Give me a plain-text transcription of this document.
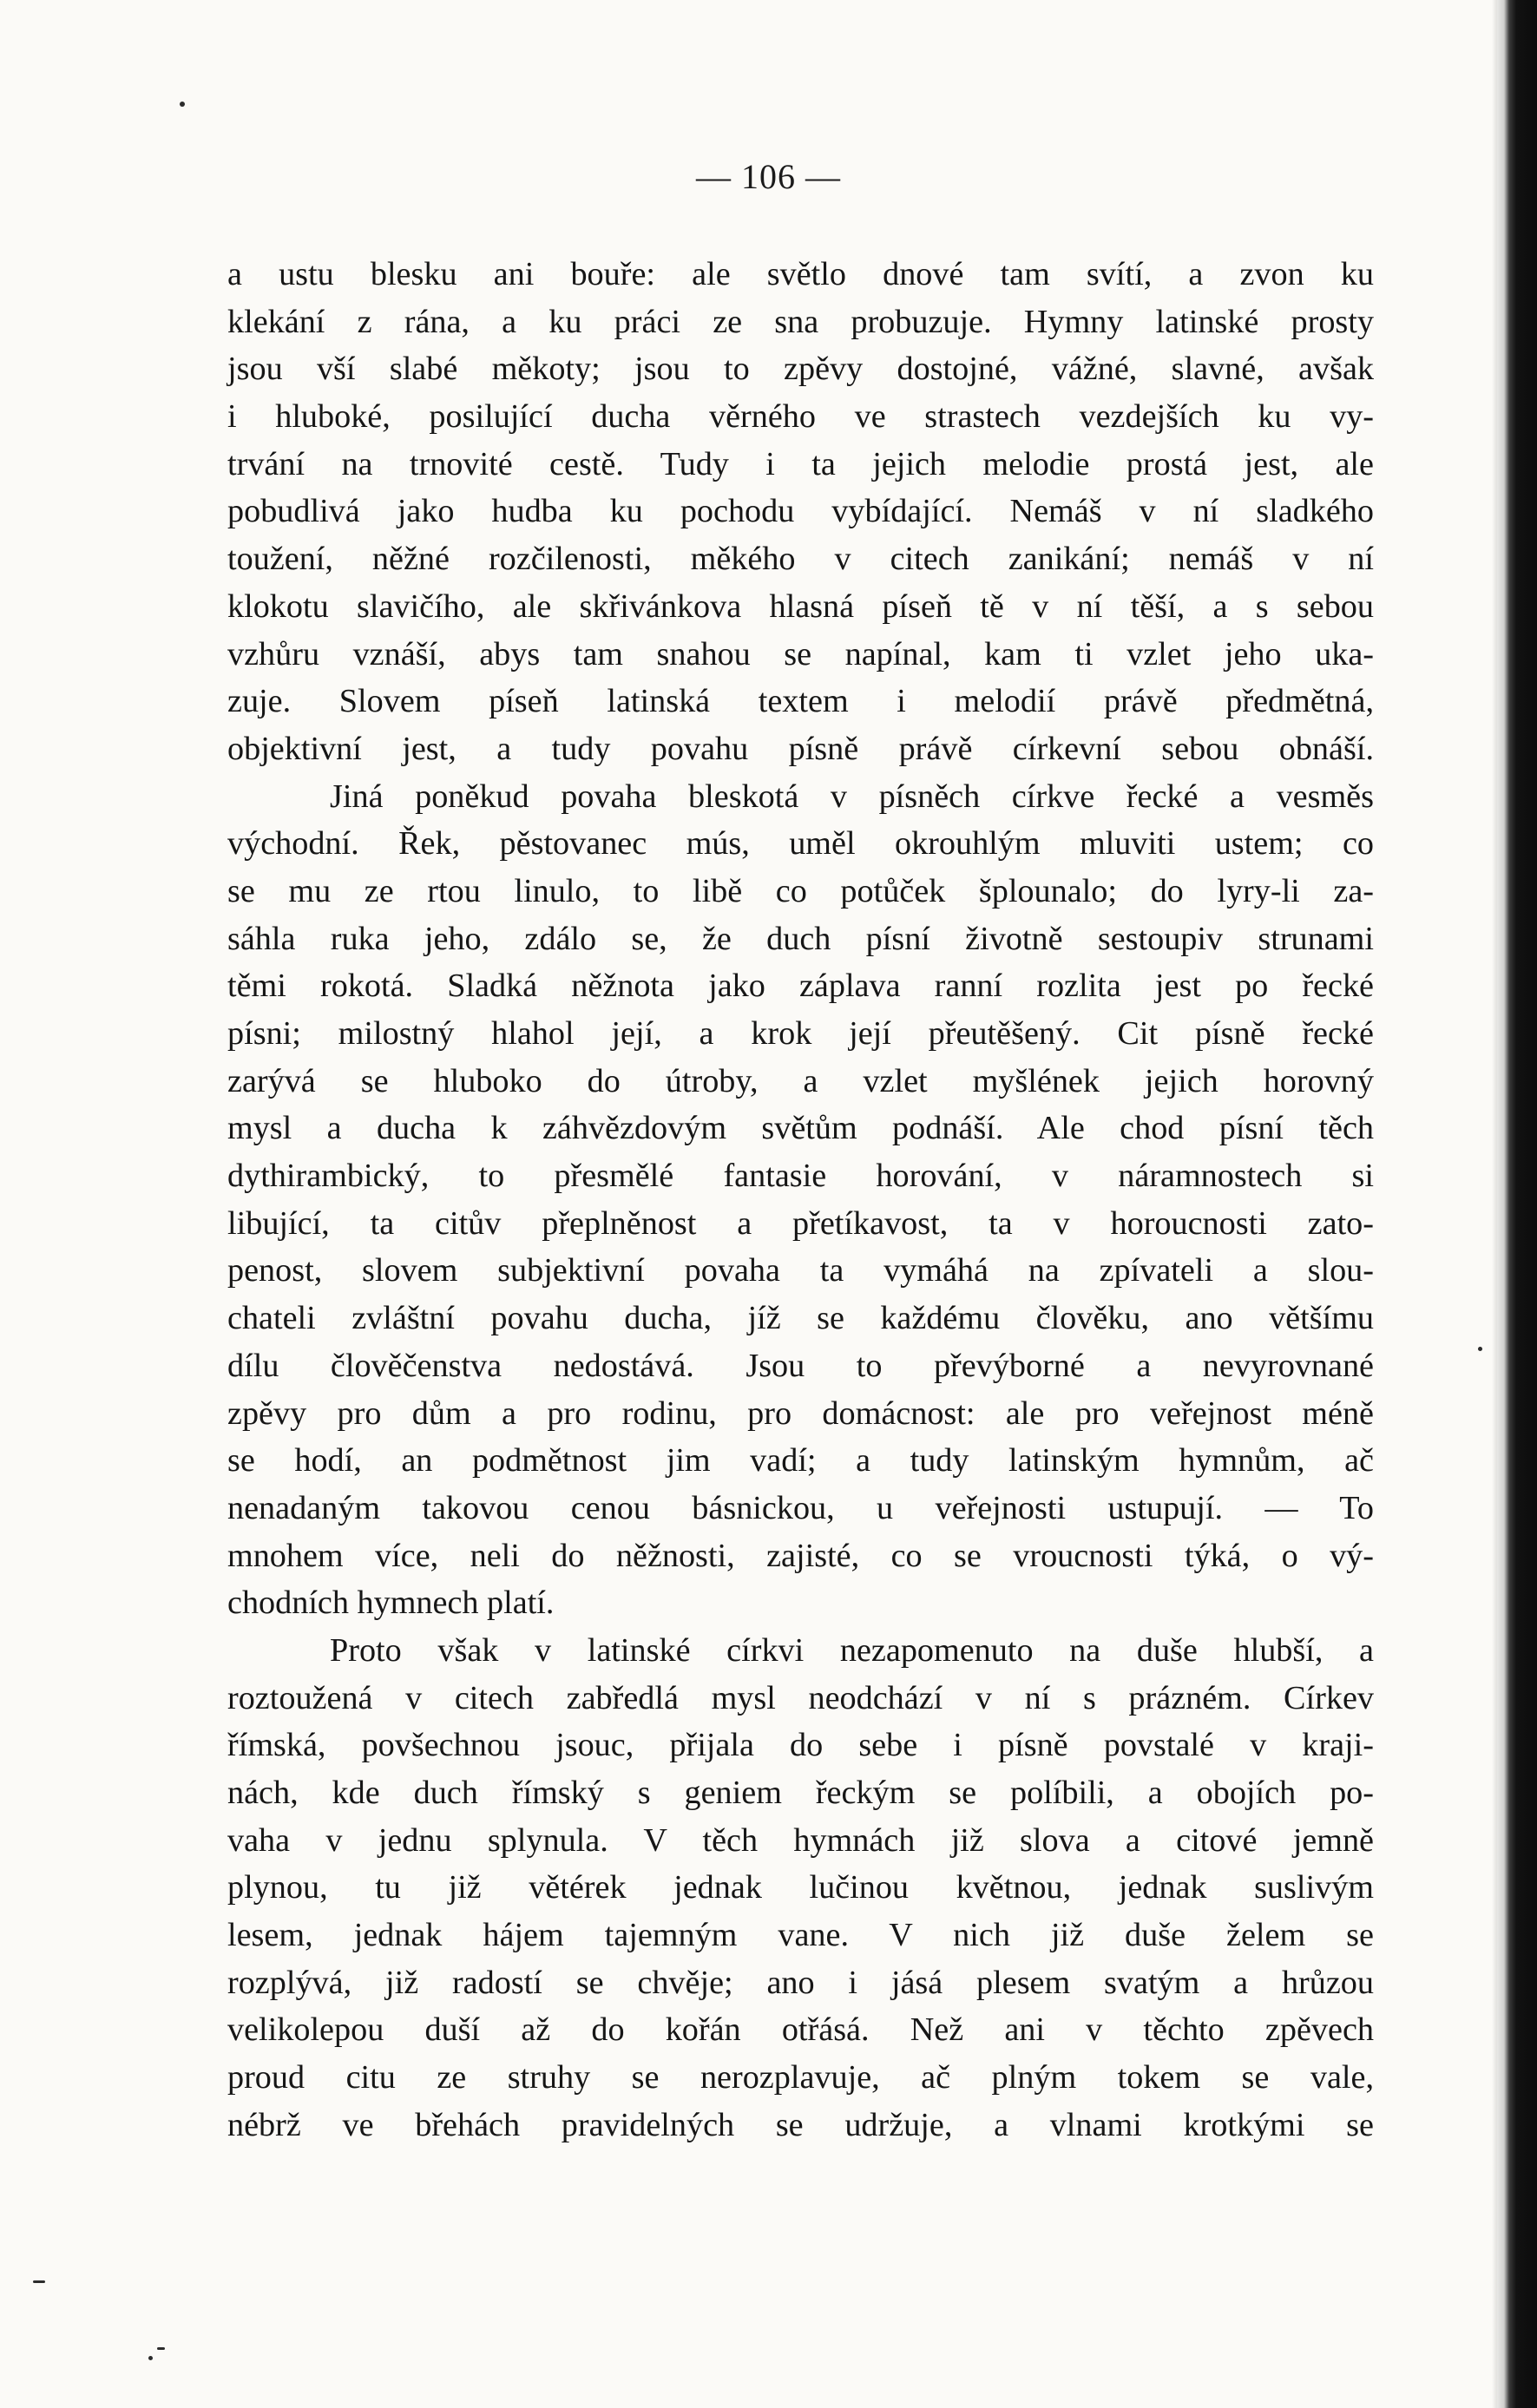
— 106 —
a ustu blesku ani bouře: ale světlo dnové tam svítí, a zvon ku
klekání z rána, a ku práci ze sna probuzuje. Hymny latinské prosty
jsou vší slabé měkoty; jsou to zpěvy dostojné, vážné, slavné, avšak
i hluboké, posilující ducha věrného ve strastech vezdejších ku vy-
trvání na trnovité cestě. Tudy i ta jejich melodie prostá jest, ale
pobudlivá jako hudba ku pochodu vybídající. Nemáš v ní sladkého
toužení, něžné rozčilenosti, měkého v citech zanikání; nemáš v ní
klokotu slavičího, ale skřivánkova hlasná píseň tě v ní těší, a s sebou
vzhůru vznáší, abys tam snahou se napínal, kam ti vzlet jeho uka-
zuje. Slovem píseň latinská textem i melodií právě předmětná,
objektivní jest, a tudy povahu písně právě církevní sebou obnáší.
Jiná poněkud povaha bleskotá v písněch církve řecké a vesměs
východní. Řek, pěstovanec mús, uměl okrouhlým mluviti ustem; co
se mu ze rtou linulo, to libě co potůček šplounalo; do lyry-li za-
sáhla ruka jeho, zdálo se, že duch písní životně sestoupiv strunami
těmi rokotá. Sladká něžnota jako záplava ranní rozlita jest po řecké
písni; milostný hlahol její, a krok její přeutěšený. Cit písně řecké
zarývá se hluboko do útroby, a vzlet myšlének jejich horovný
mysl a ducha k záhvězdovým světům podnáší. Ale chod písní těch
dythirambický, to přesmělé fantasie horování, v náramnostech si
libující, ta citův přeplněnost a přetíkavost, ta v horoucnosti zato-
penost, slovem subjektivní povaha ta vymáhá na zpívateli a slou-
chateli zvláštní povahu ducha, jíž se každému člověku, ano většímu
dílu člověčenstva nedostává. Jsou to převýborné a nevyrovnané
zpěvy pro dům a pro rodinu, pro domácnost: ale pro veřejnost méně
se hodí, an podmětnost jim vadí; a tudy latinským hymnům, ač
nenadaným takovou cenou básnickou, u veřejnosti ustupují. — To
mnohem více, neli do něžnosti, zajisté, co se vroucnosti týká, o vý-
chodních hymnech platí.
Proto však v latinské církvi nezapomenuto na duše hlubší, a
roztoužená v citech zabředlá mysl neodchází v ní s prázném. Církev
římská, povšechnou jsouc, přijala do sebe i písně povstalé v kraji-
nách, kde duch římský s geniem řeckým se políbili, a obojích po-
vaha v jednu splynula. V těch hymnách již slova a citové jemně
plynou, tu již větérek jednak lučinou květnou, jednak suslivým
lesem, jednak hájem tajemným vane. V nich již duše želem se
rozplývá, již radostí se chvěje; ano i jásá plesem svatým a hrůzou
velikolepou duší až do kořán otřásá. Než ani v těchto zpěvech
proud citu ze struhy se nerozplavuje, ač plným tokem se vale,
nébrž ve břehách pravidelných se udržuje, a vlnami krotkými se
